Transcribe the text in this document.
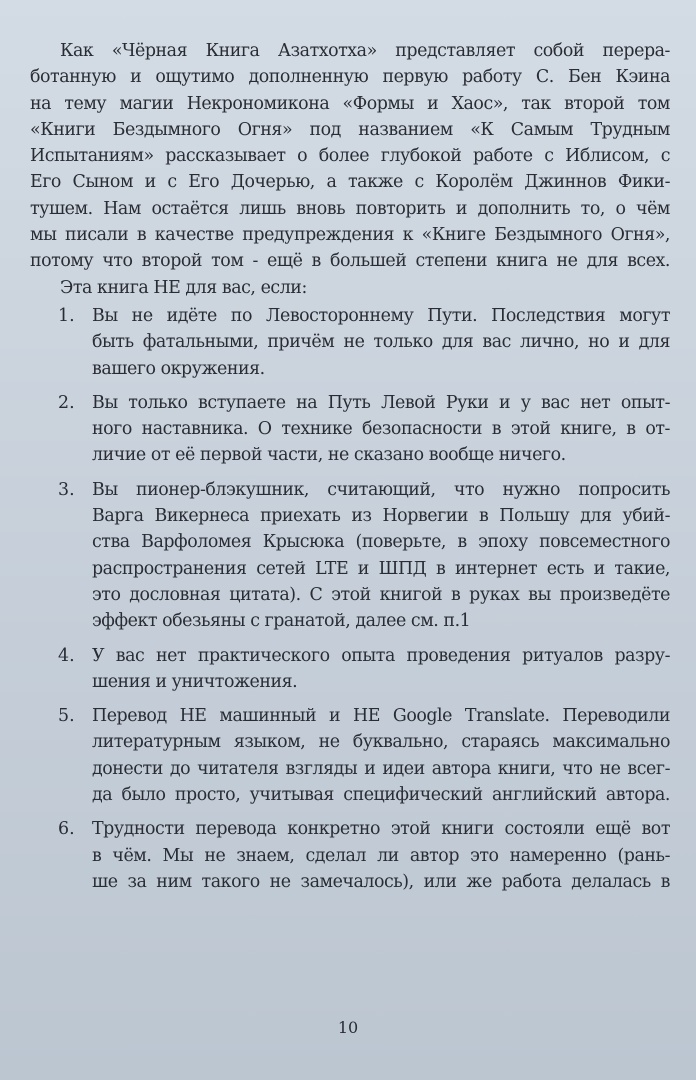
Как «Чёрная Книга Азатхотха» представляет собой перера-
ботанную и ощутимо дополненную первую работу С. Бен Кэина
на тему магии Некрономикона «Формы и Хаос», так второй том
«Книги Бездымного Огня» под названием «К Самым Трудным
Испытаниям» рассказывает о более глубокой работе с Иблисом, с
Его Сыном и с Его Дочерью, а также с Королём Джиннов Фики-
тушем. Нам остаётся лишь вновь повторить и дополнить то, о чём
мы писали в качестве предупреждения к «Книге Бездымного Огня»,
потому что второй том - ещё в большей степени книга не для всех.
Эта книга НЕ для вас, если:
1. Вы не идёте по Левостороннему Пути. Последствия могут
быть фатальными, причём не только для вас лично, но и для
вашего окружения.
2. Вы только вступаете на Путь Левой Руки и у вас нет опыт-
ного наставника. О технике безопасности в этой книге, в от-
личие от её первой части, не сказано вообще ничего.
3. Вы пионер-блэкушник, считающий, что нужно попросить
Варга Викернеса приехать из Норвегии в Польшу для убий-
ства Варфоломея Крысюка (поверьте, в эпоху повсеместного
распространения сетей LTE и ШПД в интернет есть и такие,
это дословная цитата). С этой книгой в руках вы произведёте
эффект обезьяны с гранатой, далее см. п.1
4. У вас нет практического опыта проведения ритуалов разру-
шения и уничтожения.
5. Перевод НЕ машинный и НЕ Google Translate. Переводили
литературным языком, не буквально, стараясь максимально
донести до читателя взгляды и идеи автора книги, что не всег-
да было просто, учитывая специфический английский автора.
6. Трудности перевода конкретно этой книги состояли ещё вот
в чём. Мы не знаем, сделал ли автор это намеренно (рань-
ше за ним такого не замечалось), или же работа делалась в
10
